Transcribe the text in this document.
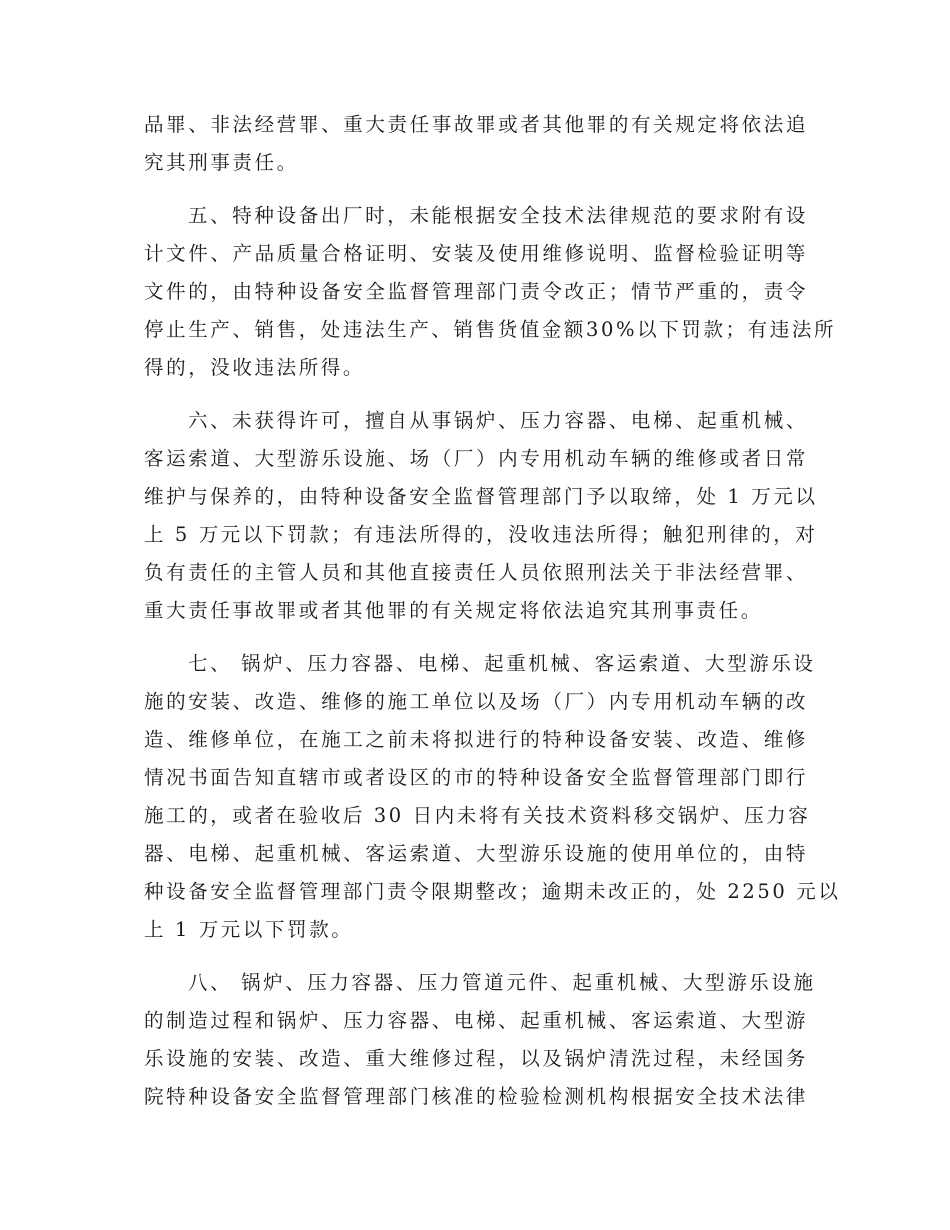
品罪、非法经营罪、重大责任事故罪或者其他罪的有关规定将依法追
究其刑事责任。
五、特种设备出厂时，未能根据安全技术法律规范的要求附有设
计文件、产品质量合格证明、安装及使用维修说明、监督检验证明等
文件的，由特种设备安全监督管理部门责令改正；情节严重的，责令
停止生产、销售，处违法生产、销售货值金额30%以下罚款；有违法所
得的，没收违法所得。
六、未获得许可，擅自从事锅炉、压力容器、电梯、起重机械、
客运索道、大型游乐设施、场（厂）内专用机动车辆的维修或者日常
维护与保养的，由特种设备安全监督管理部门予以取缔，处 1 万元以
上 5 万元以下罚款；有违法所得的，没收违法所得；触犯刑律的，对
负有责任的主管人员和其他直接责任人员依照刑法关于非法经营罪、
重大责任事故罪或者其他罪的有关规定将依法追究其刑事责任。
七、 锅炉、压力容器、电梯、起重机械、客运索道、大型游乐设
施的安装、改造、维修的施工单位以及场（厂）内专用机动车辆的改
造、维修单位，在施工之前未将拟进行的特种设备安装、改造、维修
情况书面告知直辖市或者设区的市的特种设备安全监督管理部门即行
施工的，或者在验收后 30 日内未将有关技术资料移交锅炉、压力容
器、电梯、起重机械、客运索道、大型游乐设施的使用单位的，由特
种设备安全监督管理部门责令限期整改；逾期未改正的，处 2250 元以
上 1 万元以下罚款。
八、 锅炉、压力容器、压力管道元件、起重机械、大型游乐设施
的制造过程和锅炉、压力容器、电梯、起重机械、客运索道、大型游
乐设施的安装、改造、重大维修过程，以及锅炉清洗过程，未经国务
院特种设备安全监督管理部门核准的检验检测机构根据安全技术法律
